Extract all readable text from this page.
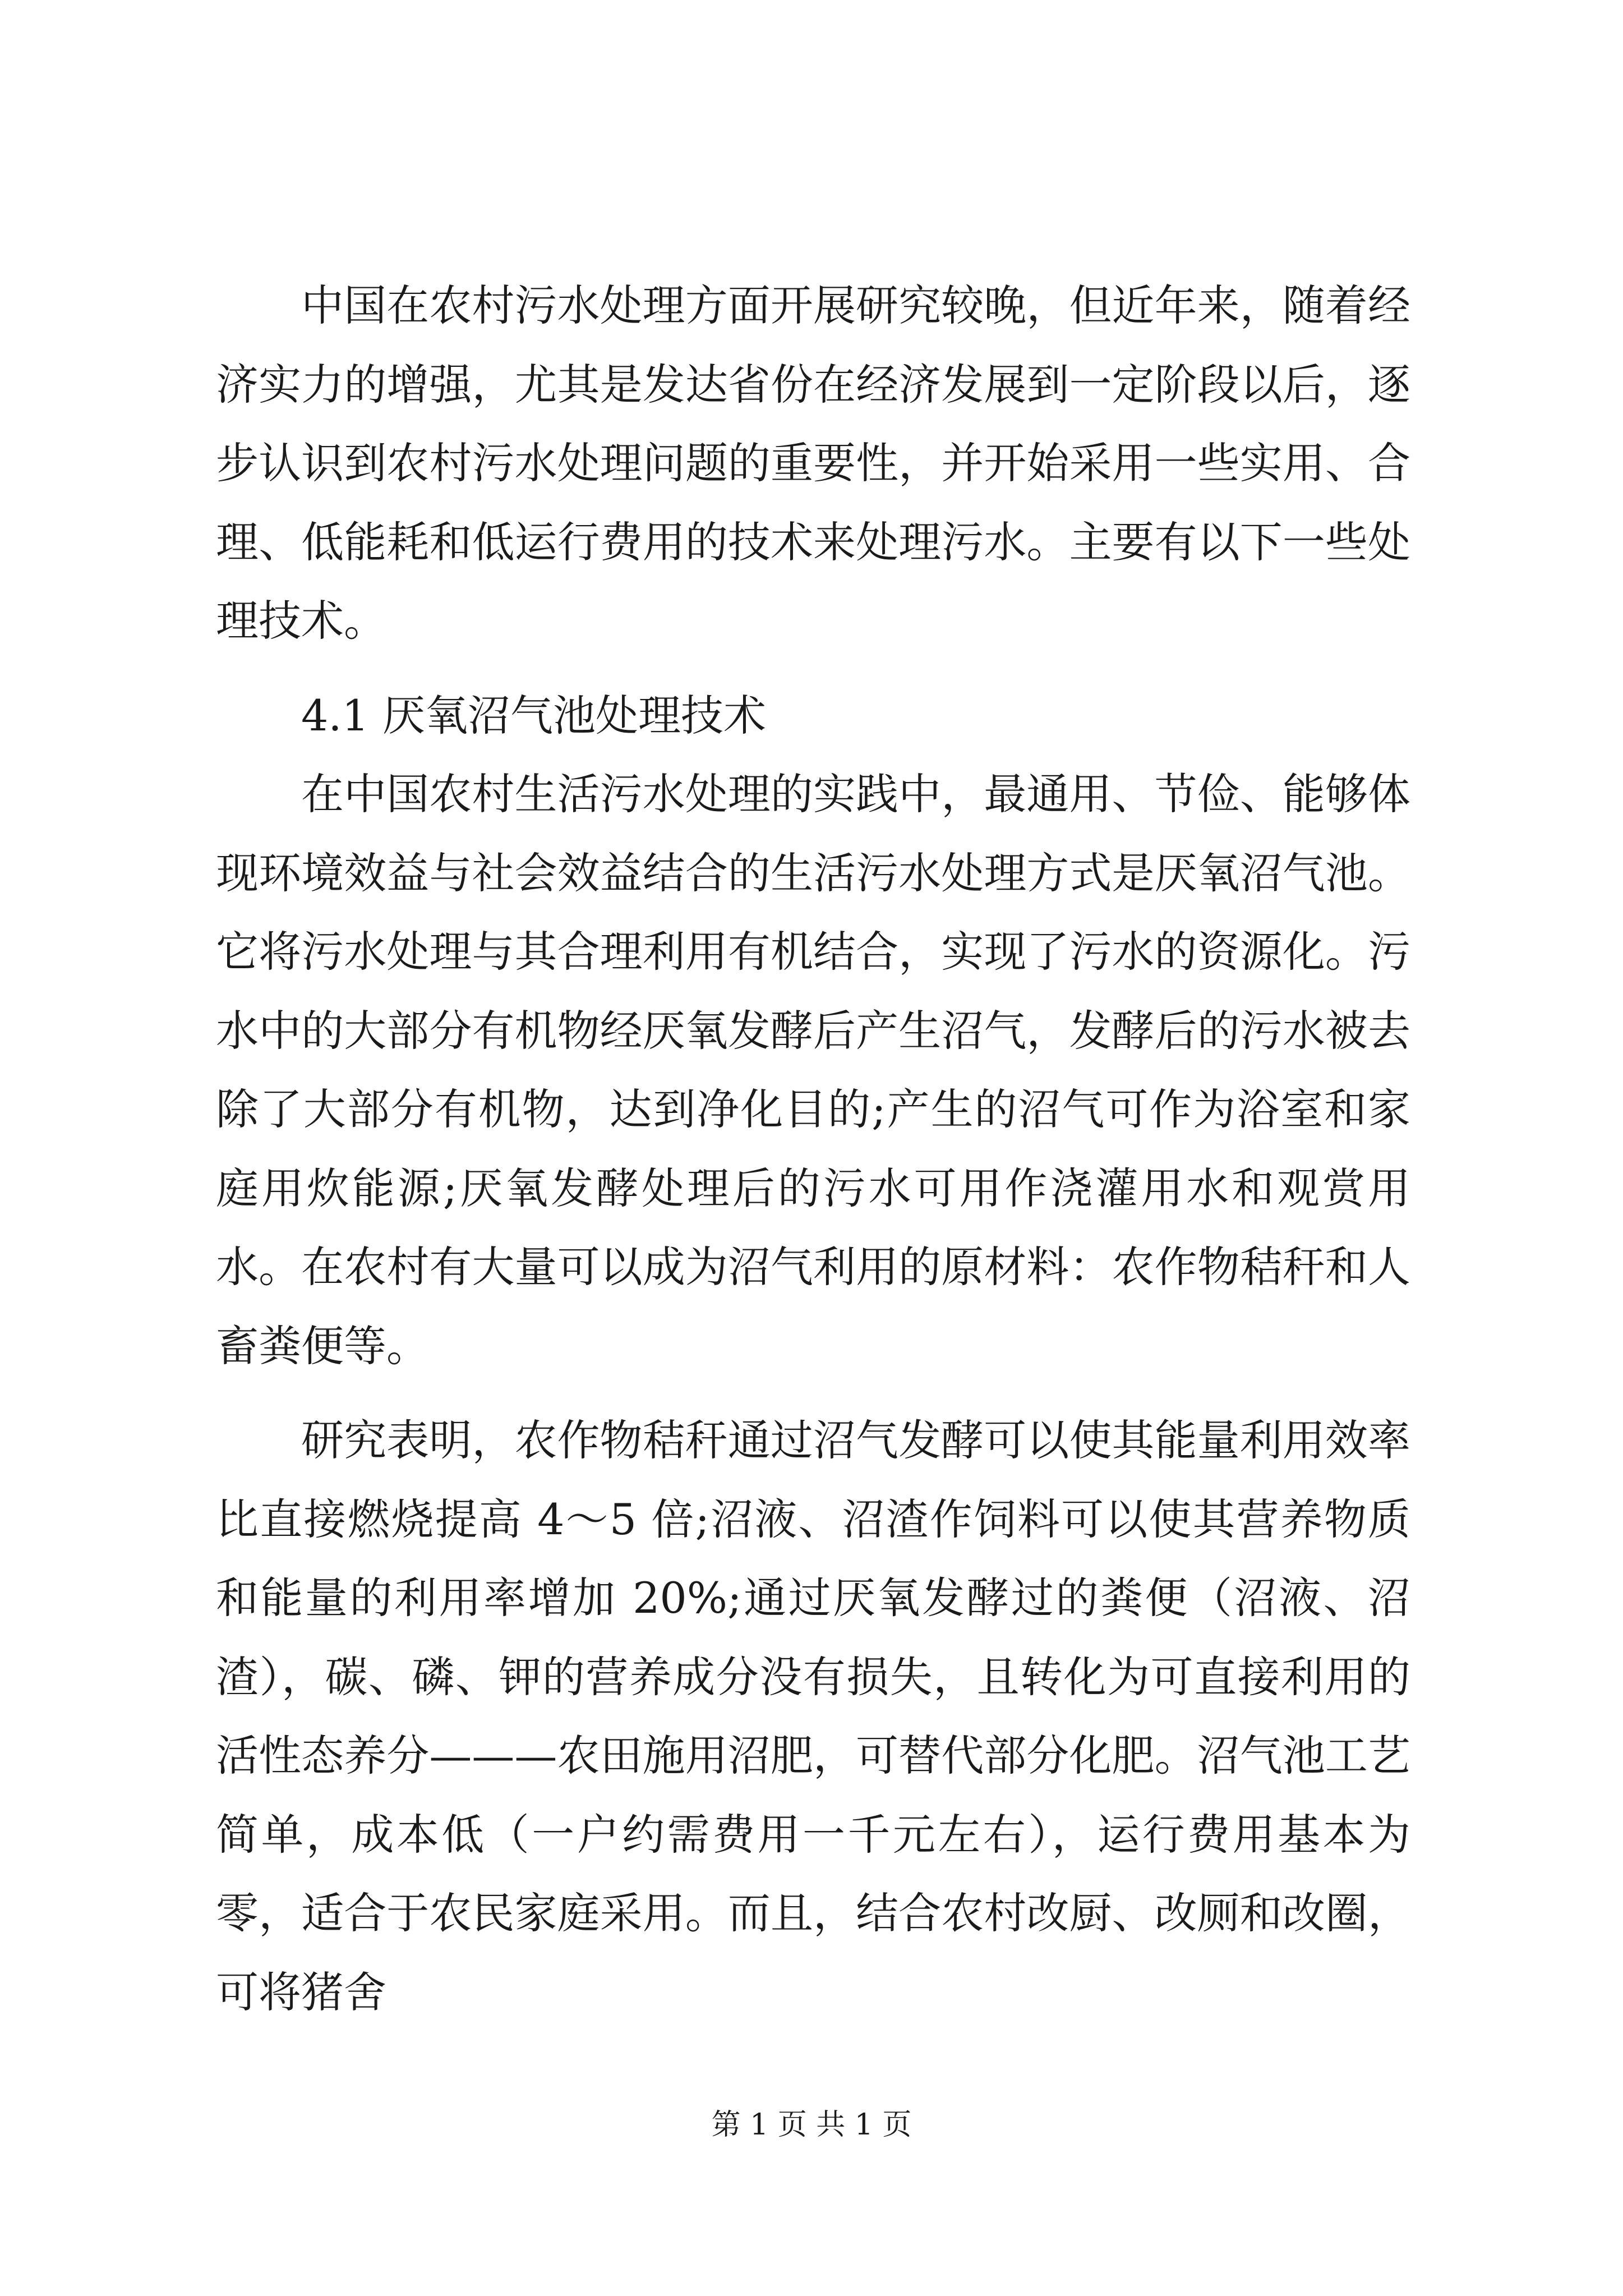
中国在农村污水处理方面开展研究较晚，但近年来，随着经济实力的增强，尤其是发达省份在经济发展到一定阶段以后，逐步认识到农村污水处理问题的重要性，并开始采用一些实用、合理、低能耗和低运行费用的技术来处理污水。主要有以下一些处理技术。

4.1 厌氧沼气池处理技术

在中国农村生活污水处理的实践中，最通用、节俭、能够体现环境效益与社会效益结合的生活污水处理方式是厌氧沼气池。它将污水处理与其合理利用有机结合，实现了污水的资源化。污水中的大部分有机物经厌氧发酵后产生沼气，发酵后的污水被去除了大部分有机物，达到净化目的;产生的沼气可作为浴室和家庭用炊能源;厌氧发酵处理后的污水可用作浇灌用水和观赏用水。在农村有大量可以成为沼气利用的原材料：农作物秸秆和人畜粪便等。

研究表明，农作物秸秆通过沼气发酵可以使其能量利用效率比直接燃烧提高 4～5 倍;沼液、沼渣作饲料可以使其营养物质和能量的利用率增加 20%;通过厌氧发酵过的粪便（沼液、沼渣），碳、磷、钾的营养成分没有损失，且转化为可直接利用的活性态养分———农田施用沼肥，可替代部分化肥。沼气池工艺简单，成本低（一户约需费用一千元左右），运行费用基本为零，适合于农民家庭采用。而且，结合农村改厨、改厕和改圈，可将猪舍

第 1 页 共 1 页
